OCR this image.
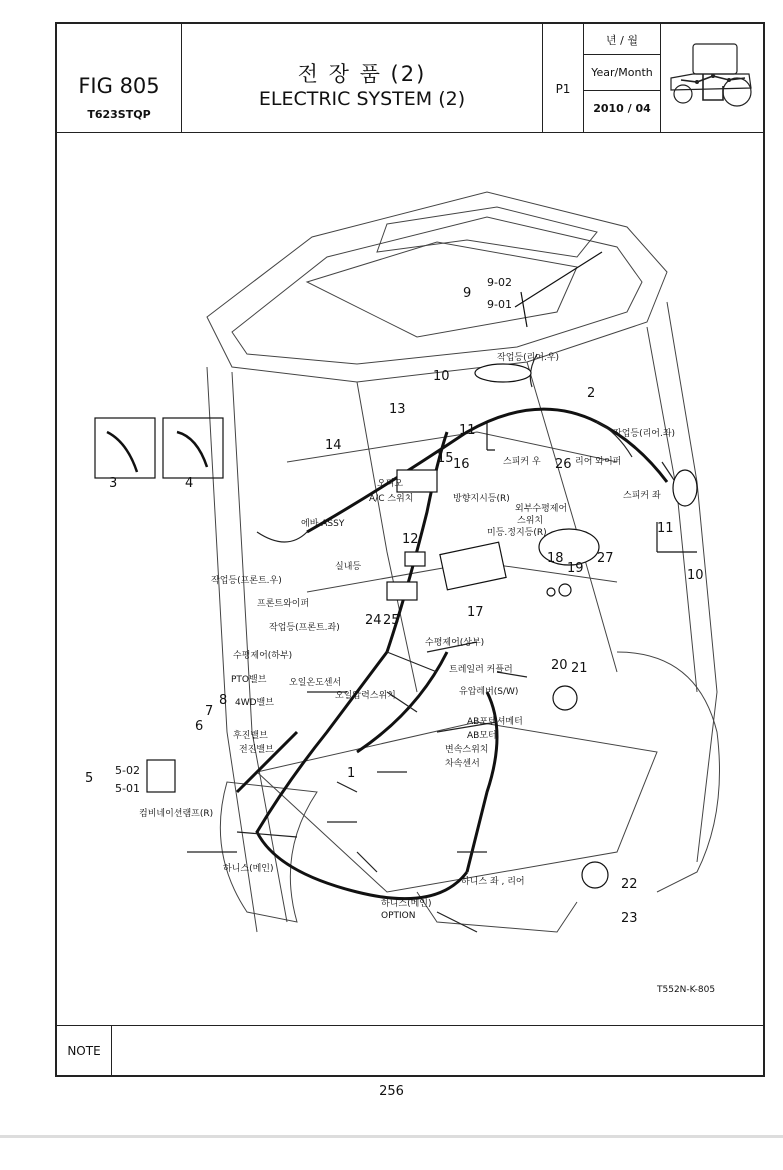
FIG 805
T623STQP
전 장 품 (2)
ELECTRIC SYSTEM (2)	P1
년 / 월
Year/Month
2010 / 04
1
2
3	4
5
5-02
5-01
6
7
8
9
9-02
9-01
10
10
11
11
12
13
14
15 16
17
18
19
20 21
22
23
24 25
26
27
작업등(리어.우)
작업등(리어.좌)
스피커 우	리어 와이퍼
스피커 좌
오디오
A/C 스위치	방향지시등(R)
외부수평제어
스위치
미등.정지등(R)
에바 ASSY
실내등
작업등(프론트.우)
프론트와이퍼
작업등(프론트.좌)
수평제어(상부)
수평제어(하부)
트레일러 커플러
PTO밸브	오일온도센서
유압레버(S/W)
4WD밸브
오일압력스위치
AB포텐셔메터
후진밸브	AB모터
전진밸브	변속스위치
차속센서
컴비네이션램프(R)
하니스(메인)
하니스 좌 , 리어
하니스(메인)
OPTION
T552N-K-805
NOTE
256
